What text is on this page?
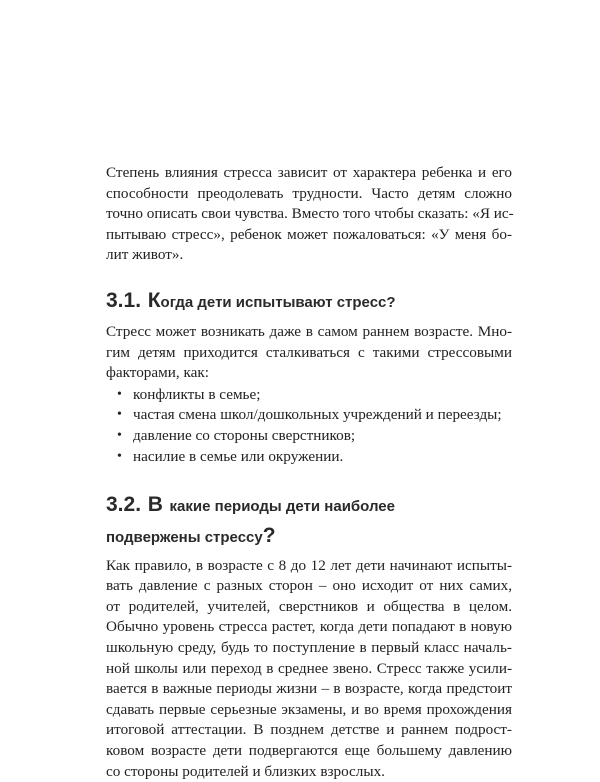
Степень влияния стресса зависит от характера ребенка и его
способности преодолевать трудности. Часто детям сложно
точно описать свои чувства. Вместо того чтобы сказать: «Я ис-
пытываю стресс», ребенок может пожаловаться: «У меня бо-
лит живот».
3.1. Когда дети испытывают стресс?
Стресс может возникать даже в самом раннем возрасте. Мно-
гим детям приходится сталкиваться с такими стрессовыми
факторами, как:
• конфликты в семье;
• частая смена школ/дошкольных учреждений и переезды;
• давление со стороны сверстников;
• насилие в семье или окружении.
3.2. В какие периоды дети наиболее
подвержены стрессу?
Как правило, в возрасте с 8 до 12 лет дети начинают испыты-
вать давление с разных сторон – оно исходит от них самих,
от родителей, учителей, сверстников и общества в целом.
Обычно уровень стресса растет, когда дети попадают в новую
школьную среду, будь то поступление в первый класс началь-
ной школы или переход в среднее звено. Стресс также усили-
вается в важные периоды жизни – в возрасте, когда предстоит
сдавать первые серьезные экзамены, и во время прохождения
итоговой аттестации. В позднем детстве и раннем подрост-
ковом возрасте дети подвергаются еще большему давлению
со стороны родителей и близких взрослых.
